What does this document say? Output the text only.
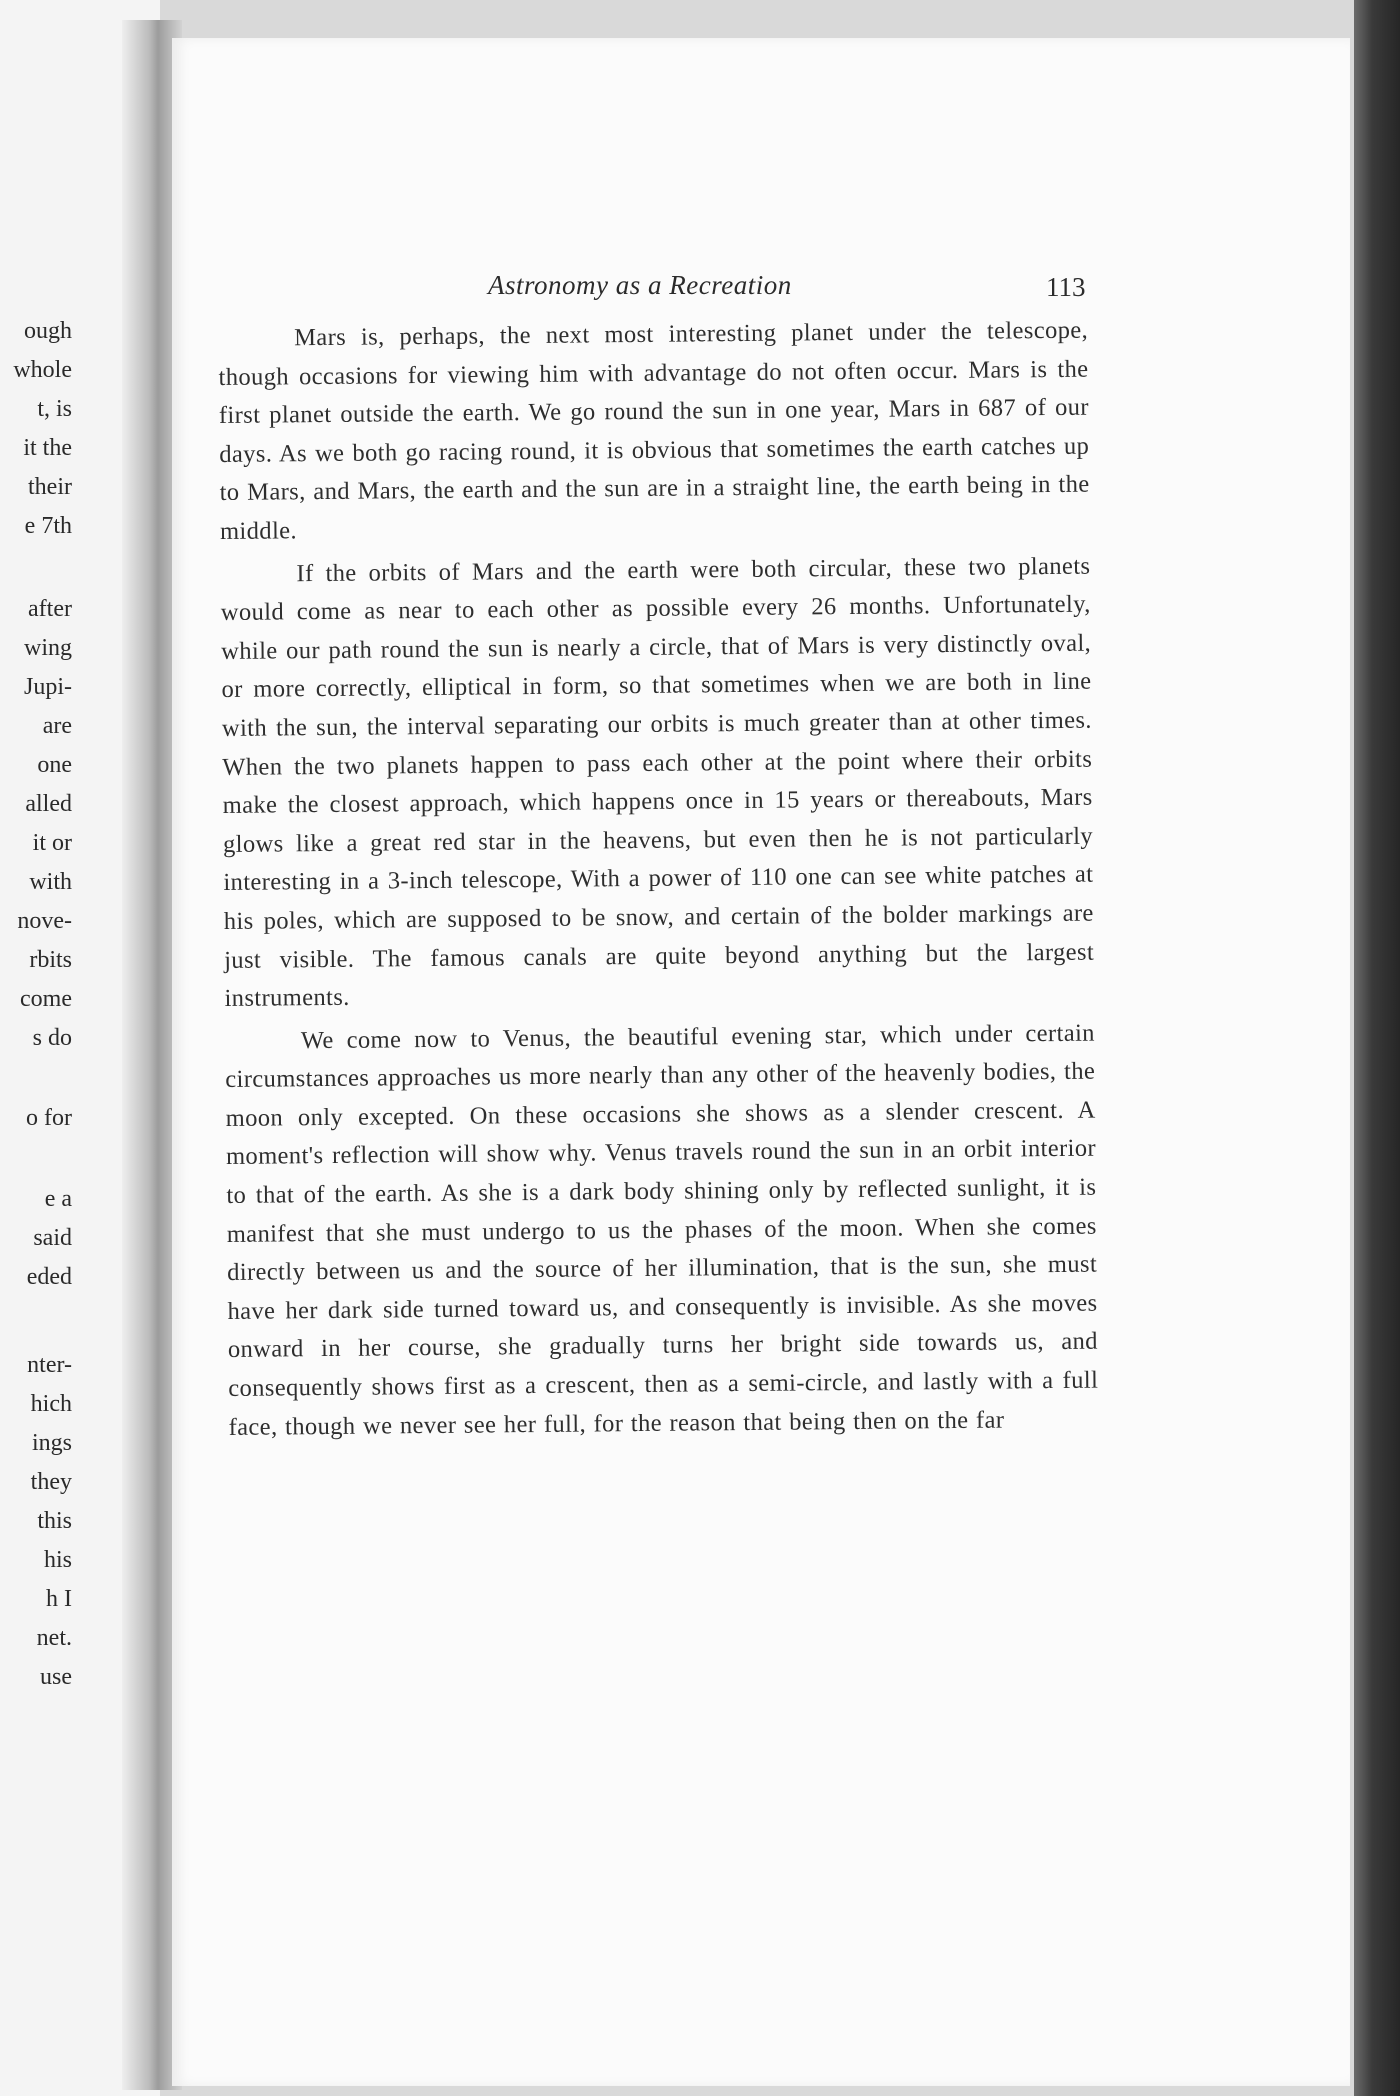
ough
whole
t, is
it the
their
e 7th
after
wing
Jupi-
are
one
alled
it or
with
nove-
rbits
come
s do
o for
e a
said
eded
nter-
hich
ings
they
this
his
h I
net.
use
Astronomy as a Recreation	113

Mars is, perhaps, the next most interesting planet under the telescope, though occasions for viewing him with advantage do not often occur. Mars is the first planet outside the earth. We go round the sun in one year, Mars in 687 of our days. As we both go racing round, it is obvious that sometimes the earth catches up to Mars, and Mars, the earth and the sun are in a straight line, the earth being in the middle.

If the orbits of Mars and the earth were both circular, these two planets would come as near to each other as possible every 26 months. Unfortunately, while our path round the sun is nearly a circle, that of Mars is very distinctly oval, or more correctly, elliptical in form, so that sometimes when we are both in line with the sun, the interval separating our orbits is much greater than at other times. When the two planets happen to pass each other at the point where their orbits make the closest approach, which happens once in 15 years or thereabouts, Mars glows like a great red star in the heavens, but even then he is not particularly interesting in a 3-inch telescope, With a power of 110 one can see white patches at his poles, which are supposed to be snow, and certain of the bolder markings are just visible. The famous canals are quite beyond anything but the largest instruments.

We come now to Venus, the beautiful evening star, which under certain circumstances approaches us more nearly than any other of the heavenly bodies, the moon only excepted. On these occasions she shows as a slender crescent. A moment's reflection will show why. Venus travels round the sun in an orbit interior to that of the earth. As she is a dark body shining only by reflected sunlight, it is manifest that she must undergo to us the phases of the moon. When she comes directly between us and the source of her illumination, that is the sun, she must have her dark side turned toward us, and consequently is invisible. As she moves onward in her course, she gradually turns her bright side towards us, and consequently shows first as a crescent, then as a semi-circle, and lastly with a full face, though we never see her full, for the reason that being then on the far
